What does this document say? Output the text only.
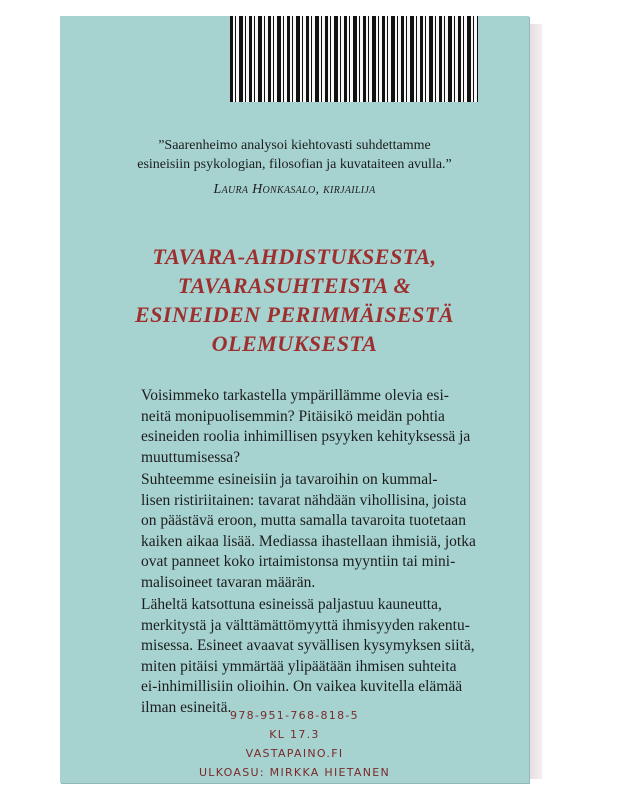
”Saarenheimo analysoi kiehtovasti suhdettamme

esineisiin psykologian, filosofian ja kuvataiteen avulla.”

Laura Honkasalo, kirjailija

TAVARA-AHDISTUKSESTA,
TAVARASUHTEISTA &
ESINEIDEN PERIMMÄISESTÄ
OLEMUKSESTA

Voisimmeko tarkastella ympärillämme olevia esi-
neitä monipuolisemmin? Pitäisikö meidän pohtia
esineiden roolia inhimillisen psyyken kehityksessä ja
muuttumisessa?

Suhteemme esineisiin ja tavaroihin on kummal-
lisen ristiriitainen: tavarat nähdään vihollisina, joista
on päästävä eroon, mutta samalla tavaroita tuotetaan
kaiken aikaa lisää. Mediassa ihastellaan ihmisiä, jotka
ovat panneet koko irtaimistonsa myyntiin tai mini-
malisoineet tavaran määrän.

Läheltä katsottuna esineissä paljastuu kauneutta,
merkitystä ja välttämättömyyttä ihmisyyden rakentu-
misessa. Esineet avaavat syvällisen kysymyksen siitä,
miten pitäisi ymmärtää ylipäätään ihmisen suhteita
ei-inhimillisiin olioihin. On vaikea kuvitella elämää
ilman esineitä.

978-951-768-818-5
KL 17.3
VASTAPAINO.FI
ULKOASU: MIRKKA HIETANEN
